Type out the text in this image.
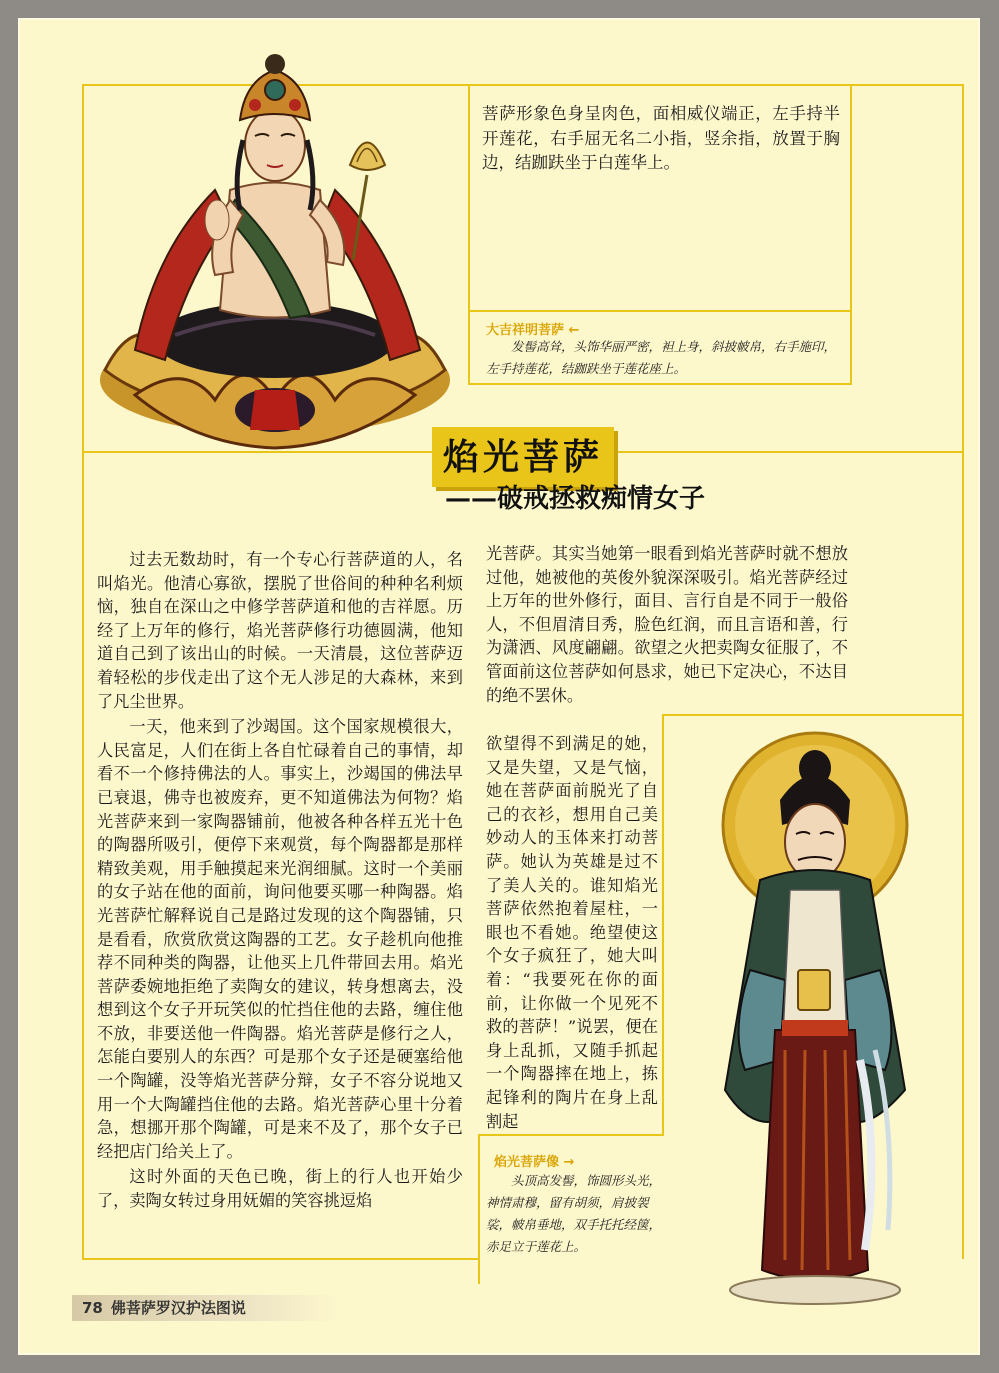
菩萨形象色身呈肉色，面相威仪端正，左手持半开莲花，右手屈无名二小指，竖余指，放置于胸边，结跏趺坐于白莲华上。
大吉祥明菩萨 ←
发髻高耸，头饰华丽严密，袒上身，斜披帔帛，右手施印，左手持莲花，结跏趺坐于莲花座上。
焰光菩萨
——破戒拯救痴情女子

过去无数劫时，有一个专心行菩萨道的人，名叫焰光。他清心寡欲，摆脱了世俗间的种种名利烦恼，独自在深山之中修学菩萨道和他的吉祥愿。历经了上万年的修行，焰光菩萨修行功德圆满，他知道自己到了该出山的时候。一天清晨，这位菩萨迈着轻松的步伐走出了这个无人涉足的大森林，来到了凡尘世界。

一天，他来到了沙竭国。这个国家规模很大，人民富足，人们在街上各自忙碌着自己的事情，却看不一个修持佛法的人。事实上，沙竭国的佛法早已衰退，佛寺也被废弃，更不知道佛法为何物？焰光菩萨来到一家陶器铺前，他被各种各样五光十色的陶器所吸引，便停下来观赏，每个陶器都是那样精致美观，用手触摸起来光润细腻。这时一个美丽的女子站在他的面前，询问他要买哪一种陶器。焰光菩萨忙解释说自己是路过发现的这个陶器铺，只是看看，欣赏欣赏这陶器的工艺。女子趁机向他推荐不同种类的陶器，让他买上几件带回去用。焰光菩萨委婉地拒绝了卖陶女的建议，转身想离去，没想到这个女子开玩笑似的忙挡住他的去路，缠住他不放，非要送他一件陶器。焰光菩萨是修行之人，怎能白要别人的东西？可是那个女子还是硬塞给他一个陶罐，没等焰光菩萨分辩，女子不容分说地又用一个大陶罐挡住他的去路。焰光菩萨心里十分着急，想挪开那个陶罐，可是来不及了，那个女子已经把店门给关上了。

这时外面的天色已晚，街上的行人也开始少了，卖陶女转过身用妩媚的笑容挑逗焰

光菩萨。其实当她第一眼看到焰光菩萨时就不想放过他，她被他的英俊外貌深深吸引。焰光菩萨经过上万年的世外修行，面目、言行自是不同于一般俗人，不但眉清目秀，脸色红润，而且言语和善，行为潇洒、风度翩翩。欲望之火把卖陶女征服了，不管面前这位菩萨如何恳求，她已下定决心，不达目的绝不罢休。
欲望得不到满足的她，又是失望，又是气恼，她在菩萨面前脱光了自己的衣衫，想用自己美妙动人的玉体来打动菩萨。她认为英雄是过不了美人关的。谁知焰光菩萨依然抱着屋柱，一眼也不看她。绝望使这个女子疯狂了，她大叫着：“我要死在你的面前，让你做一个见死不救的菩萨！”说罢，便在身上乱抓，又随手抓起一个陶器摔在地上，拣起锋利的陶片在身上乱割起
焰光菩萨像 →
头顶高发髻，饰圆形头光，神情肃穆，留有胡须，肩披袈裟，帔帛垂地，双手托托经箧，赤足立于莲花上。
78 佛菩萨罗汉护法图说
